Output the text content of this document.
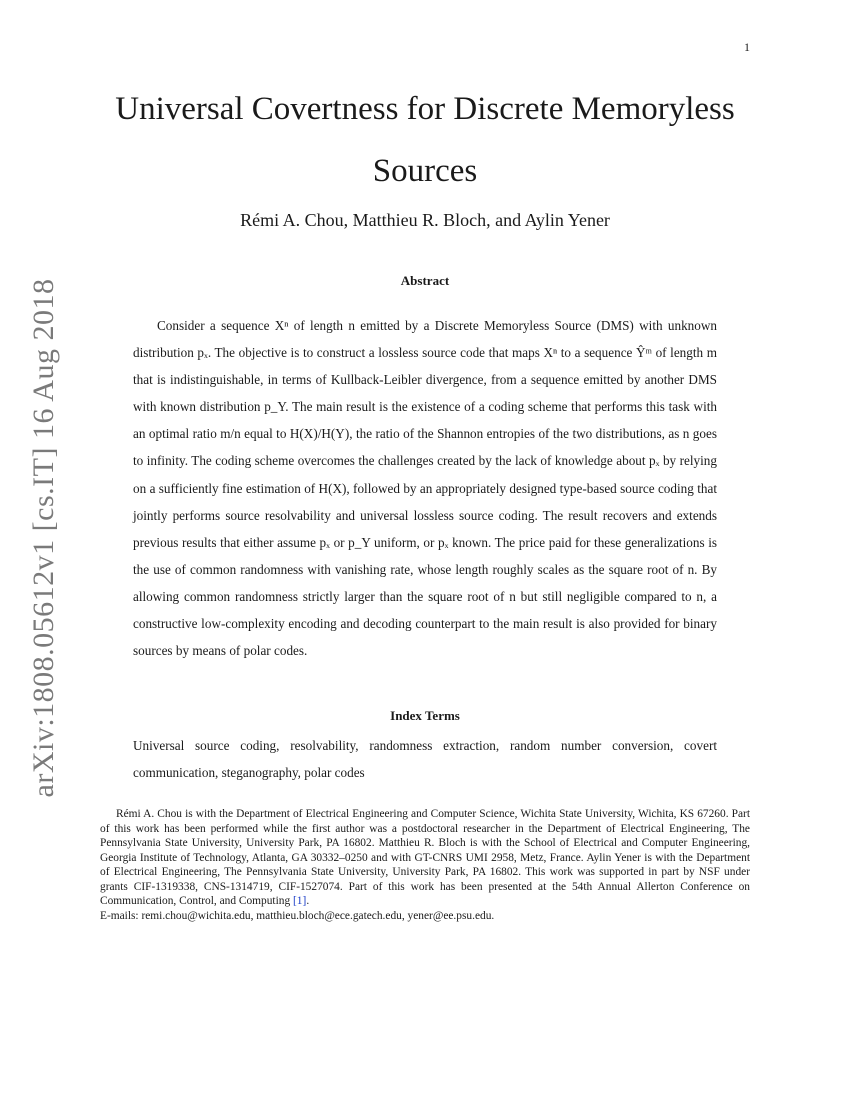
1
arXiv:1808.05612v1 [cs.IT] 16 Aug 2018
Universal Covertness for Discrete Memoryless Sources
Rémi A. Chou, Matthieu R. Bloch, and Aylin Yener
Abstract

Consider a sequence Xⁿ of length n emitted by a Discrete Memoryless Source (DMS) with unknown distribution pₓ. The objective is to construct a lossless source code that maps Xⁿ to a sequence Ŷᵐ of length m that is indistinguishable, in terms of Kullback-Leibler divergence, from a sequence emitted by another DMS with known distribution p_Y. The main result is the existence of a coding scheme that performs this task with an optimal ratio m/n equal to H(X)/H(Y), the ratio of the Shannon entropies of the two distributions, as n goes to infinity. The coding scheme overcomes the challenges created by the lack of knowledge about pₓ by relying on a sufficiently fine estimation of H(X), followed by an appropriately designed type-based source coding that jointly performs source resolvability and universal lossless source coding. The result recovers and extends previous results that either assume pₓ or p_Y uniform, or pₓ known. The price paid for these generalizations is the use of common randomness with vanishing rate, whose length roughly scales as the square root of n. By allowing common randomness strictly larger than the square root of n but still negligible compared to n, a constructive low-complexity encoding and decoding counterpart to the main result is also provided for binary sources by means of polar codes.

Index Terms

Universal source coding, resolvability, randomness extraction, random number conversion, covert communication, steganography, polar codes

Rémi A. Chou is with the Department of Electrical Engineering and Computer Science, Wichita State University, Wichita, KS 67260. Part of this work has been performed while the first author was a postdoctoral researcher in the Department of Electrical Engineering, The Pennsylvania State University, University Park, PA 16802. Matthieu R. Bloch is with the School of Electrical and Computer Engineering, Georgia Institute of Technology, Atlanta, GA 30332–0250 and with GT-CNRS UMI 2958, Metz, France. Aylin Yener is with the Department of Electrical Engineering, The Pennsylvania State University, University Park, PA 16802. This work was supported in part by NSF under grants CIF-1319338, CNS-1314719, CIF-1527074. Part of this work has been presented at the 54th Annual Allerton Conference on Communication, Control, and Computing [1].
E-mails: remi.chou@wichita.edu, matthieu.bloch@ece.gatech.edu, yener@ee.psu.edu.
